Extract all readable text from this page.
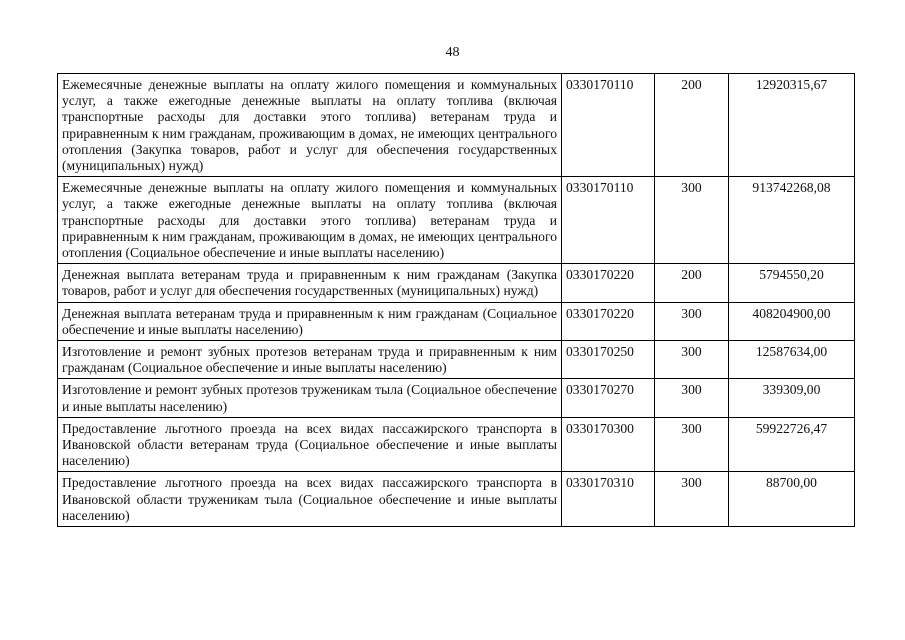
48
Ежемесячные денежные выплаты на оплату жилого помещения и коммунальных услуг, а также ежегодные денежные выплаты на оплату топлива (включая транспортные расходы для доставки этого топлива) ветеранам труда и приравненным к ним гражданам, проживающим в домах, не имеющих центрального отопления (Закупка товаров, работ и услуг для обеспечения государственных (муниципальных) нужд)	0330170110	200	12920315,67
Ежемесячные денежные выплаты на оплату жилого помещения и коммунальных услуг, а также ежегодные денежные выплаты на оплату топлива (включая транспортные расходы для доставки этого топлива) ветеранам труда и приравненным к ним гражданам, проживающим в домах, не имеющих центрального отопления (Социальное обеспечение и иные выплаты населению)	0330170110	300	913742268,08
Денежная выплата ветеранам труда и приравненным к ним гражданам (Закупка товаров, работ и услуг для обеспечения государственных (муниципальных) нужд)	0330170220	200	5794550,20
Денежная выплата ветеранам труда и приравненным к ним гражданам (Социальное обеспечение и иные выплаты населению)	0330170220	300	408204900,00
Изготовление и ремонт зубных протезов ветеранам труда и приравненным к ним гражданам (Социальное обеспечение и иные выплаты населению)	0330170250	300	12587634,00
Изготовление и ремонт зубных протезов труженикам тыла (Социальное обеспечение и иные выплаты населению)	0330170270	300	339309,00
Предоставление льготного проезда на всех видах пассажирского транспорта в Ивановской области ветеранам труда (Социальное обеспечение и иные выплаты населению)	0330170300	300	59922726,47
Предоставление льготного проезда на всех видах пассажирского транспорта в Ивановской области труженикам тыла (Социальное обеспечение и иные выплаты населению)	0330170310	300	88700,00
